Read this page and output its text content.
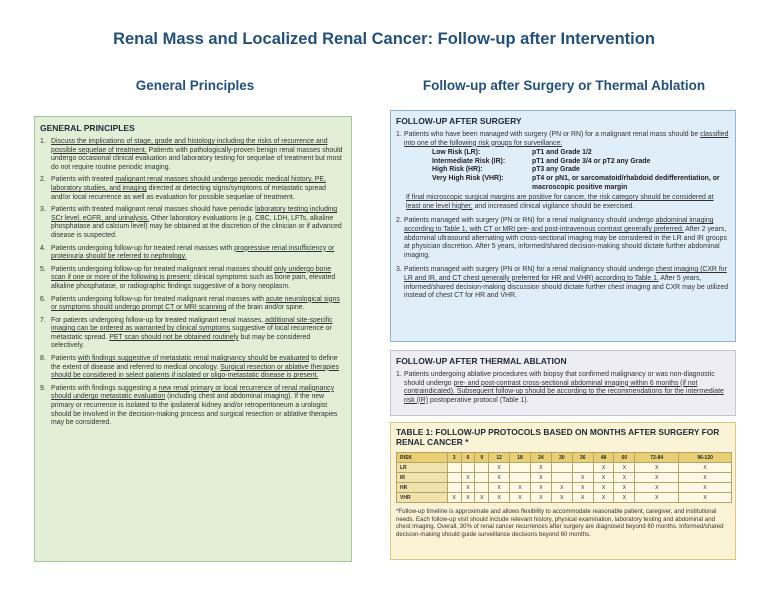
Renal Mass and Localized Renal Cancer: Follow-up after Intervention
General Principles	Follow-up after Surgery or Thermal Ablation
GENERAL PRINCIPLES
1. Discuss the implications of stage, grade and histology including the risks of recurrence and possible sequelae of treatment. Patients with pathologically-proven benign renal masses should undergo occasional clinical evaluation and laboratory testing for sequelae of treatment but most do not require routine periodic imaging.
2. Patients with treated malignant renal masses should undergo periodic medical history, PE, laboratory studies, and imaging directed at detecting signs/symptoms of metastatic spread and/or local recurrence as well as evaluation for possible sequelae of treatment.
3. Patients with treated malignant renal masses should have periodic laboratory testing including SCr level, eGFR, and urinalysis. Other laboratory evaluations (e.g. CBC, LDH, LFTs, alkaline phosphatase and calcium level) may be obtained at the discretion of the clinician or if advanced disease is suspected.
4. Patients undergoing follow-up for treated renal masses with progressive renal insufficiency or proteinuria should be referred to nephrology.
5. Patients undergoing follow-up for treated malignant renal masses should only undergo bone scan if one or more of the following is present: clinical symptoms such as bone pain, elevated alkaline phosphatase, or radiographic findings suggestive of a bony neoplasm.
6. Patients undergoing follow-up for treated malignant renal masses with acute neurological signs or symptoms should undergo prompt CT or MRI scanning of the brain and/or spine.
7. For patients undergoing follow-up for treated malignant renal masses, additional site-specific imaging can be ordered as warranted by clinical symptoms suggestive of local recurrence or metastatic spread. PET scan should not be obtained routinely but may be considered selectively.
8. Patients with findings suggestive of metastatic renal malignancy should be evaluated to define the extent of disease and referred to medical oncology. Surgical resection or ablative therapies should be considered in select patients if isolated or oligo-metastatic disease is present.
9. Patients with findings suggesting a new renal primary or local recurrence of renal malignancy should undergo metastatic evaluation (including chest and abdominal imaging). If the new primary or recurrence is isolated to the ipsilateral kidney and/or retroperitoneum a urologist should be involved in the decision-making process and surgical resection or ablative therapies may be considered.
FOLLOW-UP AFTER SURGERY
1. Patients who have been managed with surgery (PN or RN) for a malignant renal mass should be classified into one of the following risk groups for surveillance:
Low Risk (LR):	pT1 and Grade 1/2
Intermediate Risk (IR):	pT1 and Grade 3/4 or pT2 any Grade
High Risk (HR):	pT3 any Grade
Very High Risk (VHR):	pT4 or pN1, or sarcomatoid/rhabdoid dedifferentiation, or macroscopic positive margin
If final microscopic surgical margins are positive for cancer, the risk category should be considered at least one level higher, and increased clinical vigilance should be exercised.
2. Patients managed with surgery (PN or RN) for a renal malignancy should undergo abdominal imaging according to Table 1, with CT or MRI pre- and post-intravenous contrast generally preferred. After 2 years, abdominal ultrasound alternating with cross-sectional imaging may be considered in the LR and IR groups at physician discretion. After 5 years, informed/shared decision-making should dictate further abdominal imaging.
3. Patients managed with surgery (PN or RN) for a renal malignancy should undergo chest imaging (CXR for LR and IR, and CT chest generally preferred for HR and VHR) according to Table 1. After 5 years, informed/shared decision-making discussion should dictate further chest imaging and CXR may be utilized instead of chest CT for HR and VHR.
FOLLOW-UP AFTER THERMAL ABLATION
1. Patients undergoing ablative procedures with biopsy that confirmed malignancy or was non-diagnostic should undergo pre- and post-contrast cross-sectional abdominal imaging within 6 months (if not contraindicated). Subsequent follow-up should be according to the recommendations for the intermediate risk (IR) postoperative protocol (Table 1).
TABLE 1: FOLLOW-UP PROTOCOLS BASED ON MONTHS AFTER SURGERY FOR RENAL CANCER *
RISK	3	6	9	12	18	24	30	36	48	60	72-84	96-120
LR				X		X			X	X	X	X
IR		X		X		X		X	X	X	X	X
HR		X		X	X	X	X	X	X	X	X	X
VHR	X	X	X	X	X	X	X	X	X	X	X	X
*Follow-up timeline is approximate and allows flexibility to accommodate reasonable patient, caregiver, and institutional needs. Each follow-up visit should include relevant history, physical examination, laboratory testing and abdominal and chest imaging. Overall, 30% of renal cancer recurrences after surgery are diagnosed beyond 60 months. Informed/shared decision-making should guide surveillance decisions beyond 60 months.
